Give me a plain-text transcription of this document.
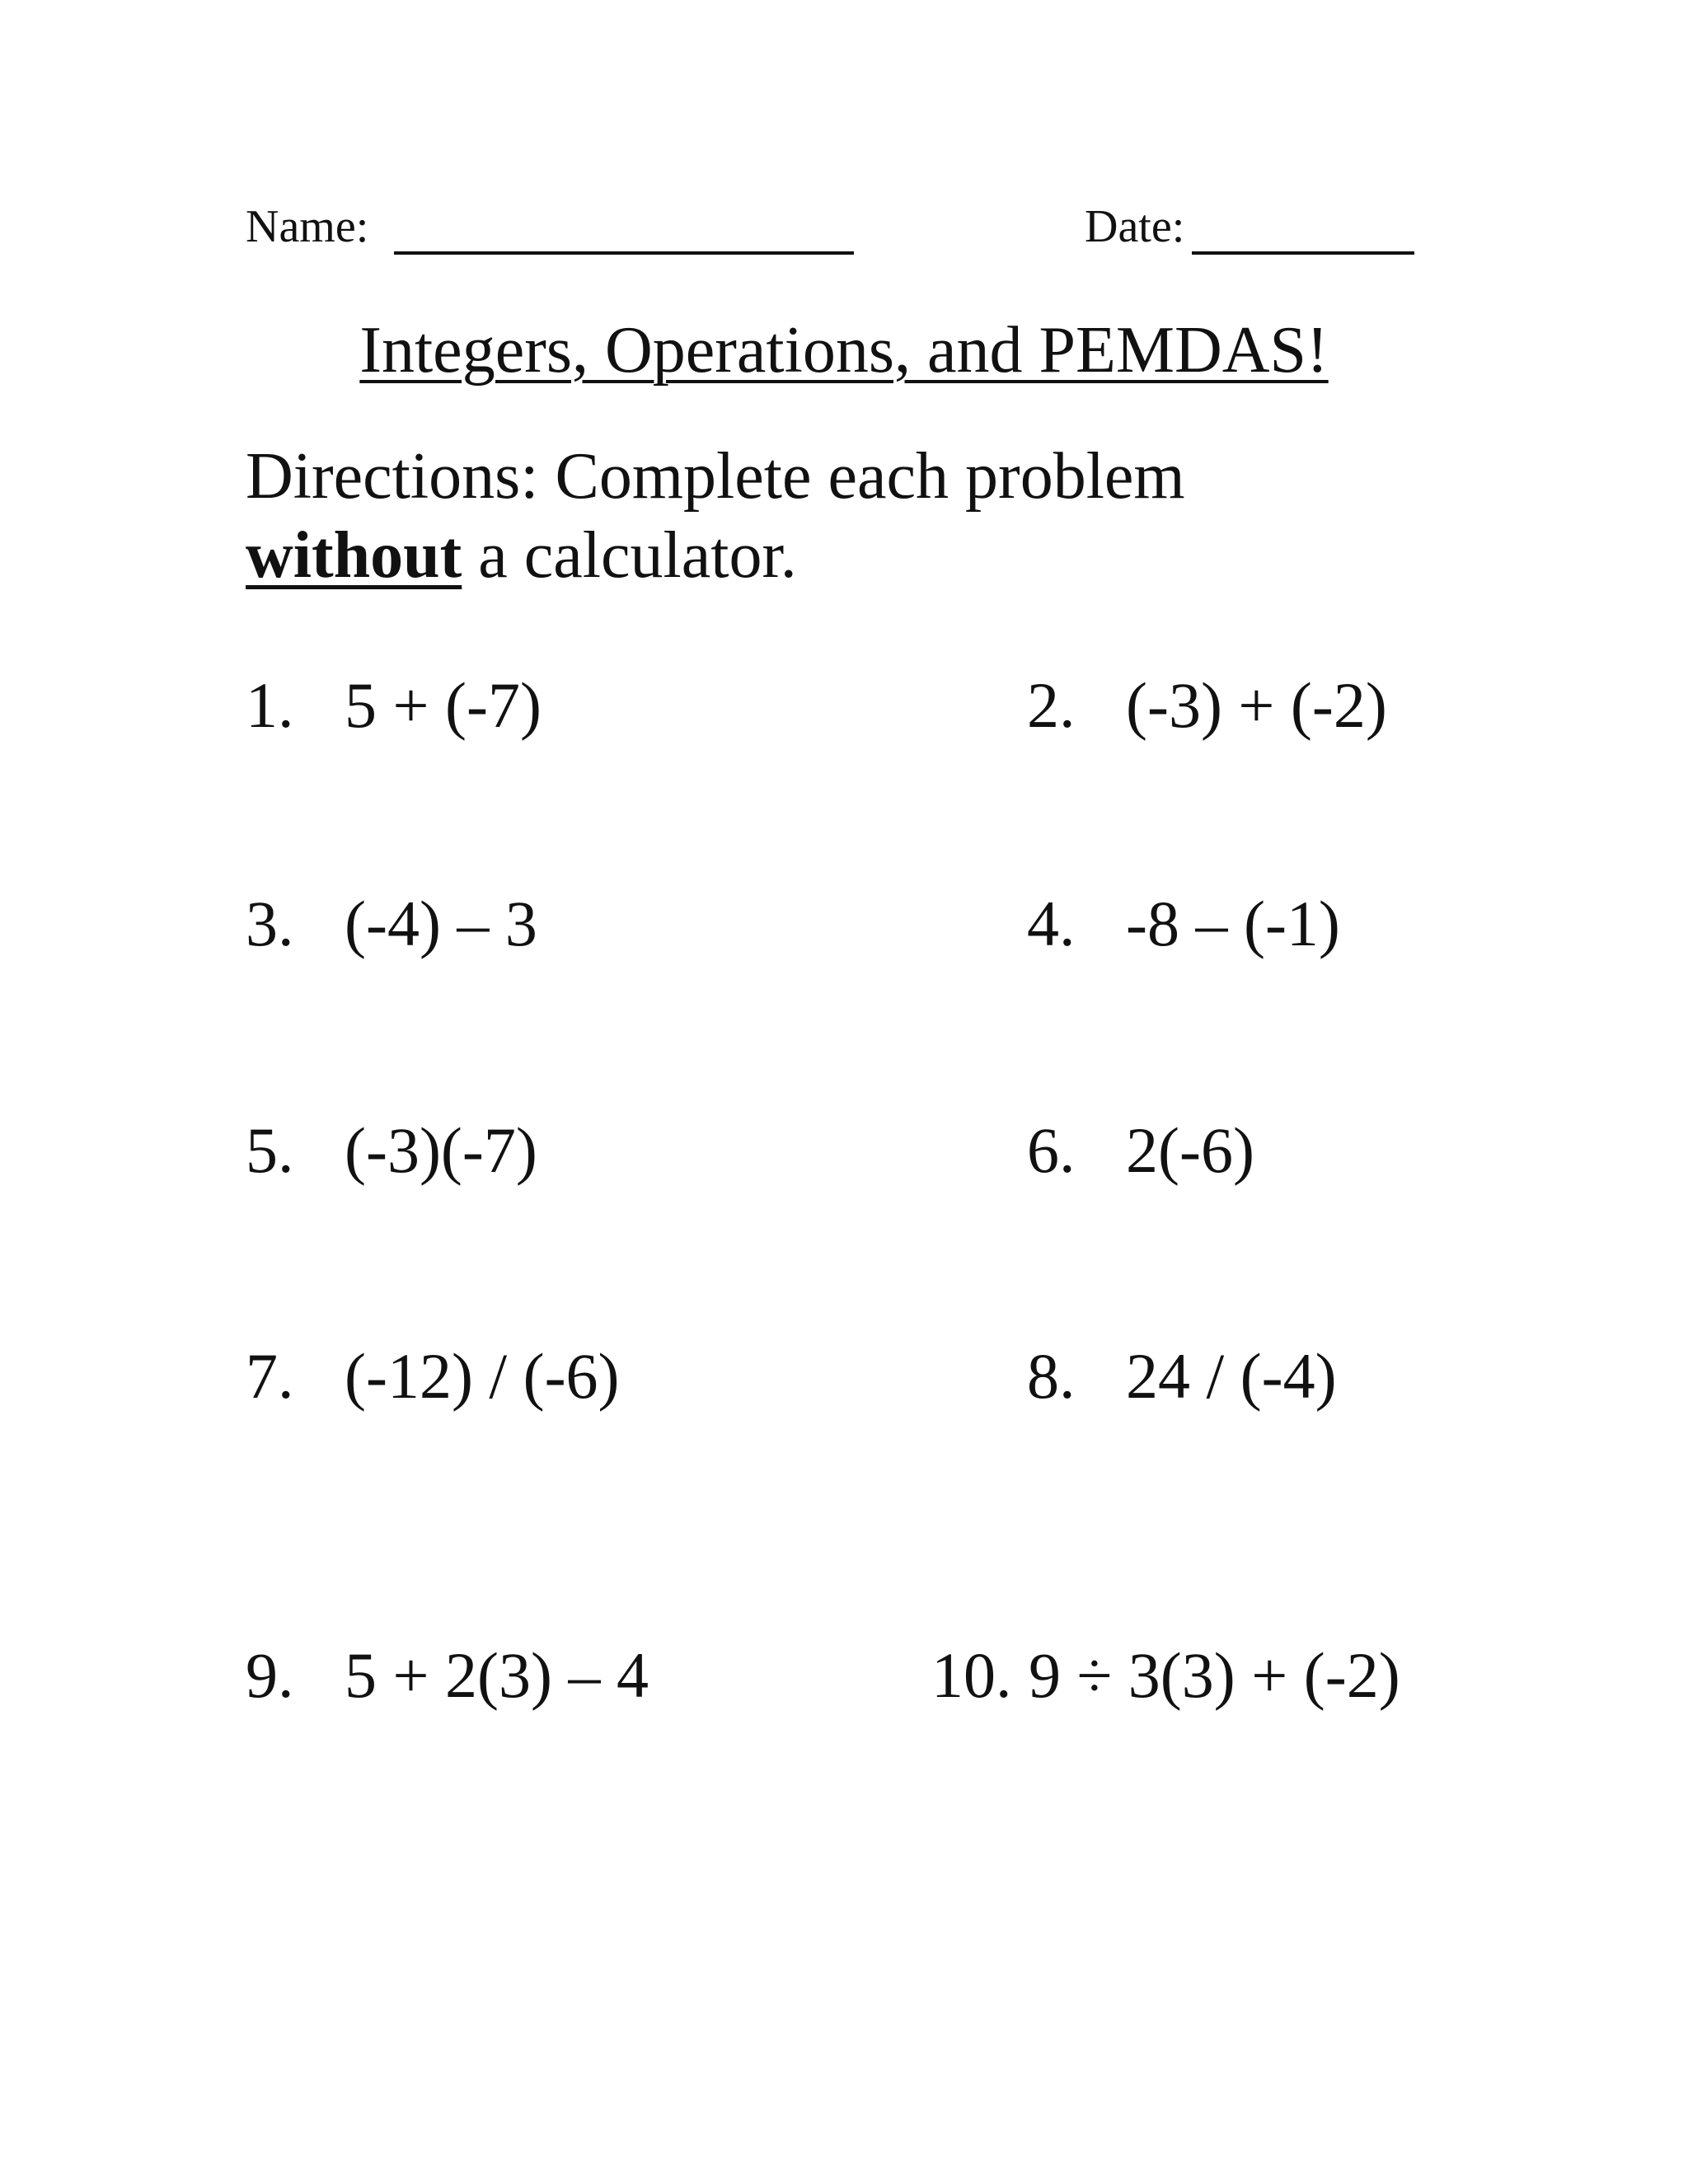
Name:	Date:
Integers, Operations, and PEMDAS!
Directions: Complete each problem
without a calculator.
1. 5 + (-7)	2. (-3) + (-2)
3. (-4) – 3	4. -8 – (-1)
5. (-3)(-7)	6. 2(-6)
7. (-12) / (-6)	8. 24 / (-4)
9. 5 + 2(3) – 4	10. 9 ÷ 3(3) + (-2)
